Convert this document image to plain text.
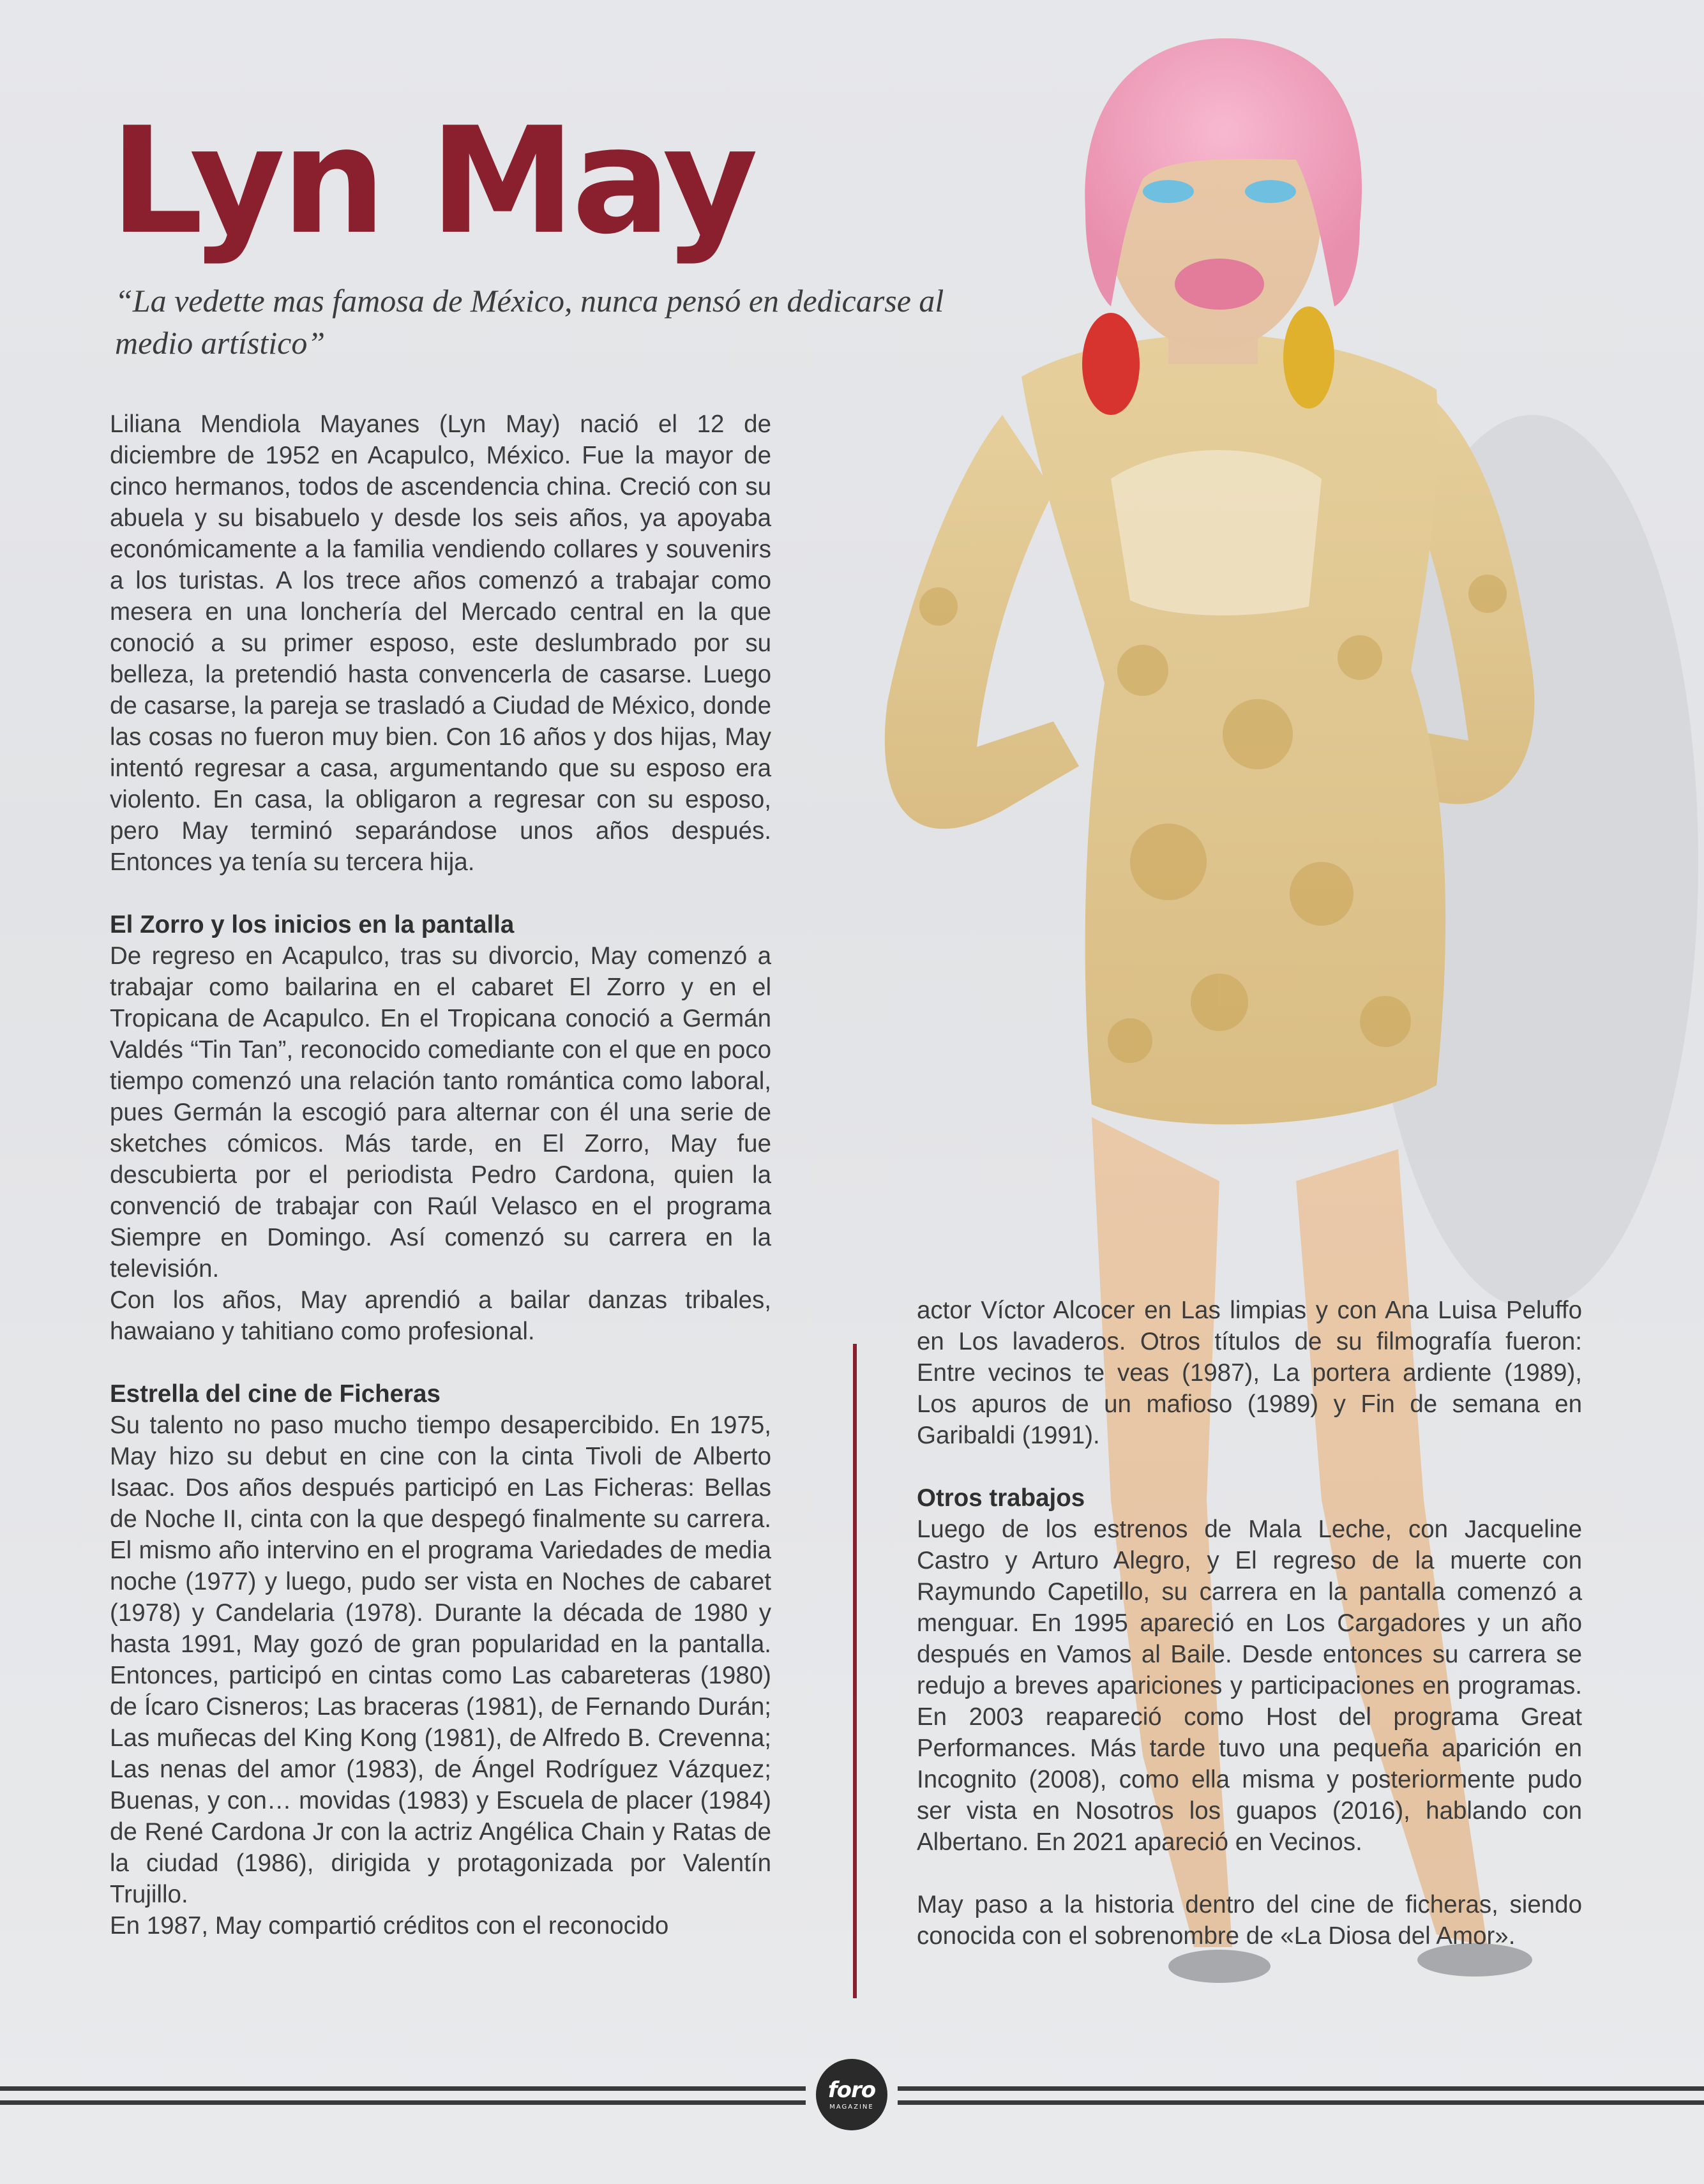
Lyn May

“La vedette mas famosa de México, nunca pensó en dedicarse al medio artístico”

Liliana Mendiola Mayanes (Lyn May) nació el 12 de diciembre de 1952 en Acapulco, México. Fue la mayor de cinco hermanos, todos de ascendencia china. Creció con su abuela y su bisabuelo y desde los seis años, ya apoyaba económicamente a la familia vendiendo collares y souvenirs a los turistas. A los trece años comenzó a trabajar como mesera en una lonchería del Mercado central en la que conoció a su primer esposo, este deslumbrado por su belleza, la pretendió hasta convencerla de casarse. Luego de casarse, la pareja se trasladó a Ciudad de México, donde las cosas no fueron muy bien. Con 16 años y dos hijas, May intentó regresar a casa, argumentando que su esposo era violento. En casa, la obligaron a regresar con su esposo, pero May terminó separándose unos años después. Entonces ya tenía su tercera hija.

El Zorro y los inicios en la pantalla

De regreso en Acapulco, tras su divorcio, May comenzó a trabajar como bailarina en el cabaret El Zorro y en el Tropicana de Acapulco. En el Tropicana conoció a Germán Valdés “Tin Tan”, reconocido comediante con el que en poco tiempo comenzó una relación tanto romántica como laboral, pues Germán la escogió para alternar con él una serie de sketches cómicos. Más tarde, en El Zorro, May fue descubierta por el periodista Pedro Cardona, quien la convenció de trabajar con Raúl Velasco en el programa Siempre en Domingo. Así comenzó su carrera en la televisión.

Con los años, May aprendió a bailar danzas tribales, hawaiano y tahitiano como profesional.

Estrella del cine de Ficheras

Su talento no paso mucho tiempo desapercibido. En 1975, May hizo su debut en cine con la cinta Tivoli de Alberto Isaac. Dos años después participó en Las Ficheras: Bellas de Noche II, cinta con la que despegó finalmente su carrera. El mismo año intervino en el programa Variedades de media noche (1977) y luego, pudo ser vista en Noches de cabaret (1978) y Candelaria (1978). Durante la década de 1980 y hasta 1991, May gozó de gran popularidad en la pantalla. Entonces, participó en cintas como Las cabareteras (1980) de Ícaro Cisneros; Las braceras (1981), de Fernando Durán; Las muñecas del King Kong (1981), de Alfredo B. Crevenna; Las nenas del amor (1983), de Ángel Rodríguez Vázquez; Buenas, y con… movidas (1983) y Escuela de placer (1984) de René Cardona Jr con la actriz Angélica Chain y Ratas de la ciudad (1986), dirigida y protagonizada por Valentín Trujillo.

En 1987, May compartió créditos con el reconocido

actor Víctor Alcocer en Las limpias y con Ana Luisa Peluffo en Los lavaderos. Otros títulos de su filmografía fueron: Entre vecinos te veas (1987), La portera ardiente (1989), Los apuros de un mafioso (1989) y Fin de semana en Garibaldi (1991).

Otros trabajos

Luego de los estrenos de Mala Leche, con Jacqueline Castro y Arturo Alegro, y El regreso de la muerte con Raymundo Capetillo, su carrera en la pantalla comenzó a menguar. En 1995 apareció en Los Cargadores y un año después en Vamos al Baile. Desde entonces su carrera se redujo a breves apariciones y participaciones en programas. En 2003 reapareció como Host del programa Great Performances. Más tarde tuvo una pequeña aparición en Incognito (2008), como ella misma y posteriormente pudo ser vista en Nosotros los guapos (2016), hablando con Albertano. En 2021 apareció en Vecinos.

May paso a la historia dentro del cine de ficheras, siendo conocida con el sobrenombre de «La Diosa del Amor».

foro
MAGAZINE
